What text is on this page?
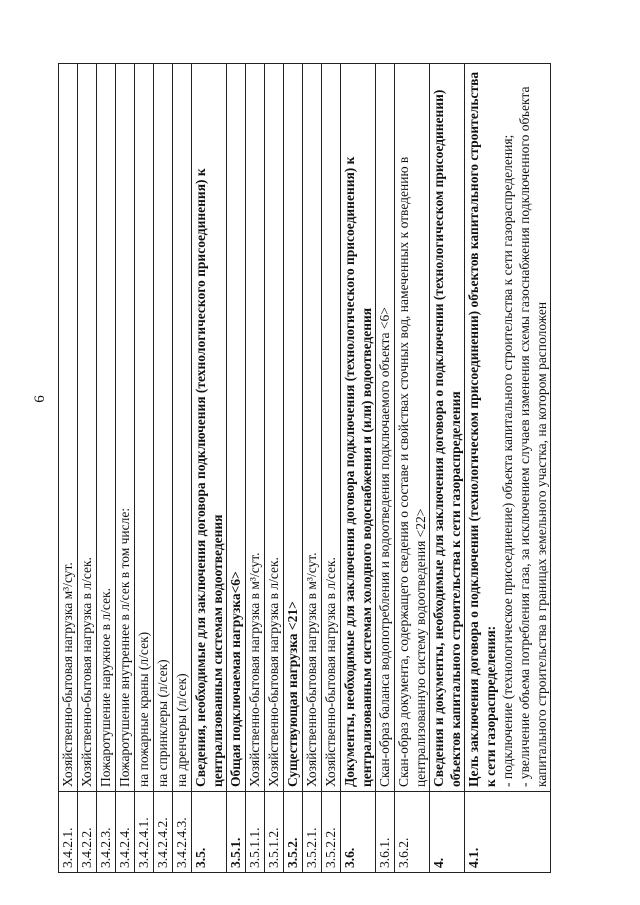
6
3.4.2.1.	Хозяйственно-бытовая нагрузка м³/сут.

3.4.2.2.	Хозяйственно-бытовая нагрузка в л/сек.

3.4.2.3.	Пожаротушение наружное в л/сек.

3.4.2.4.	Пожаротушение внутреннее в л/сек в том числе:

3.4.2.4.1.	на пожарные краны (л/сек)

3.4.2.4.2.	на спринклеры (л/сек)

3.4.2.4.3.	на дренчеры (л/сек)

3.5.	Сведения, необходимые для заключения договора подключения (технологического присоединения) к централизованным системам водоотведения

3.5.1.	Общая подключаемая нагрузка<6>

3.5.1.1.	Хозяйственно-бытовая нагрузка в м³/сут.

3.5.1.2.	Хозяйственно-бытовая нагрузка в л/сек.

3.5.2.	Существующая нагрузка <21>

3.5.2.1.	Хозяйственно-бытовая нагрузка в м³/сут.

3.5.2.2.	Хозяйственно-бытовая нагрузка в л/сек.

3.6.	Документы, необходимые для заключения договора подключения (технологического присоединения) к централизованным системам холодного водоснабжения и (или) водоотведения

3.6.1.	Скан-образ баланса водопотребления и водоотведения подключаемого объекта <6>

3.6.2.	Скан-образ документа, содержащего сведения о составе и свойствах сточных вод, намеченных к отведению в централизованную систему водоотведения <22>

4.	Сведения и документы, необходимые для заключения договора о подключении (технологическом присоединении) объектов капитального строительства к сети газораспределения

4.1.	Цель заключения договора о подключении (технологическом присоединении) объектов капитального строительства к сети газораспределения: - подключение (технологическое присоединение) объекта капитального строительства к сети газораспределения; - увеличение объема потребления газа, за исключением случаев изменения схемы газоснабжения подключенного объекта капитального строительства в границах земельного участка, на котором расположен
